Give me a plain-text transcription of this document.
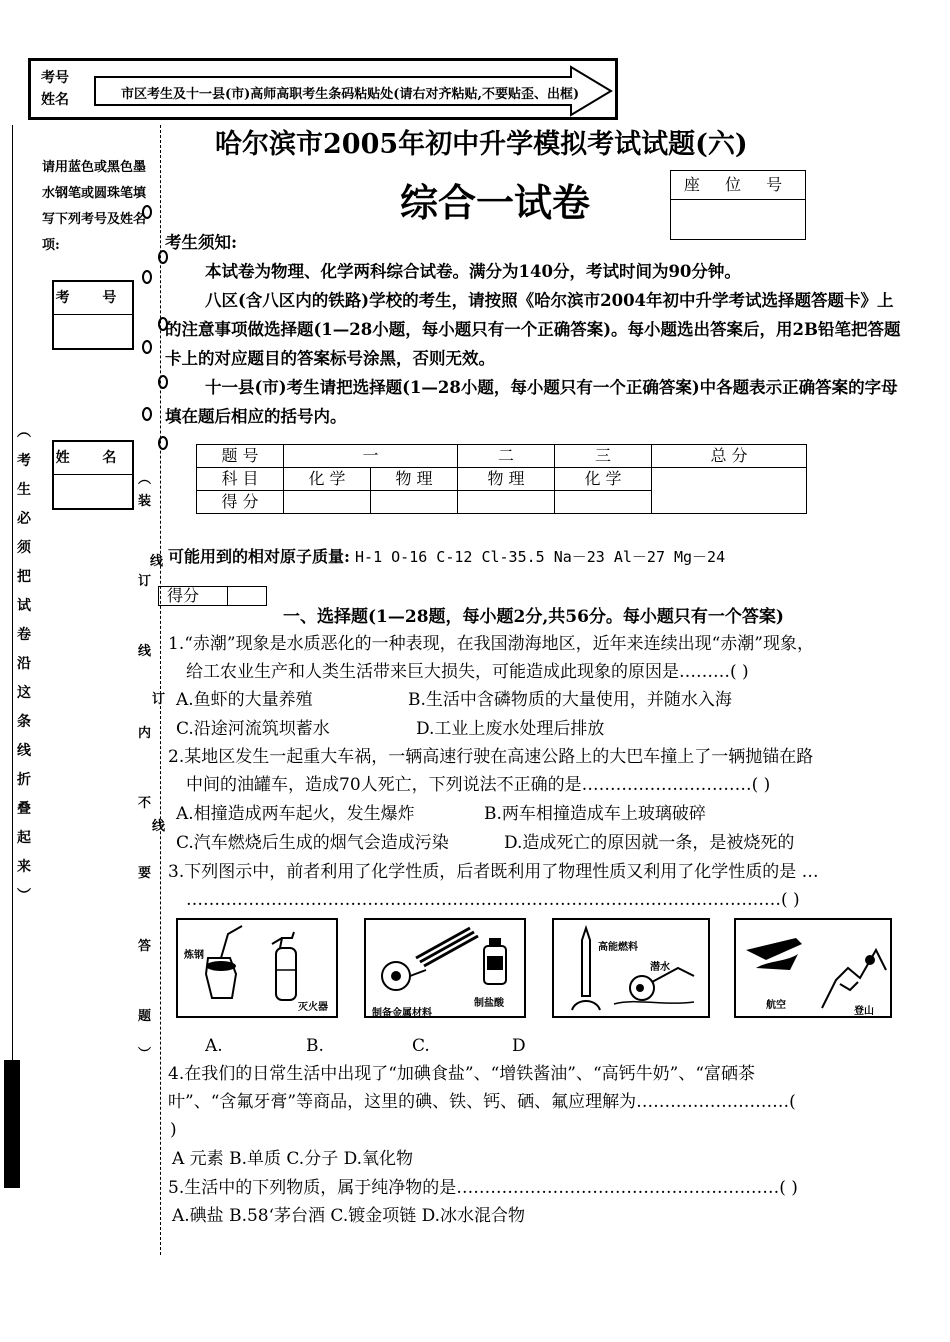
考号
姓名	市区考生及十一县(市)高师高职考生条码粘贴处(请右对齐粘贴,不要贴歪、出框)
请用蓝色或黑色墨水钢笔或圆珠笔填写下列考号及姓名项:
考 号
姓 名
︵
考
生
必
须
把
试
卷
沿
这
条
线
折
叠
起
来
︶
︵
装
订
线
线
订
内
不
线
要
答
题
︶
哈尔滨市2005年初中升学模拟考试试题(六)
综合一试卷	座 位 号

考生须知:

本试卷为物理、化学两科综合试卷。满分为140分，考试时间为90分钟。

八区(含八区内的铁路)学校的考生，请按照《哈尔滨市2004年初中升学考试选择题答题卡》上的注意事项做选择题(1—28小题，每小题只有一个正确答案)。每小题选出答案后，用2B铅笔把答题卡上的对应题目的答案标号涂黑，否则无效。

十一县(市)考生请把选择题(1—28小题，每小题只有一个正确答案)中各题表示正确答案的字母填在题后相应的括号内。

题 号	一		二	三	总 分
科 目	化 学	物 理	物 理	化 学	
得 分					
可能用到的相对原子质量: H-1 O-16 C-12 Cl-35.5 Na－23 Al－27 Mg－24
得分	
一、选择题(1—28题，每小题2分,共56分。每小题只有一个答案)
1.“赤潮”现象是水质恶化的一种表现，在我国渤海地区，近年来连续出现“赤潮”现象，
给工农业生产和人类生活带来巨大损失，可能造成此现象的原因是………( )
A.鱼虾的大量养殖	B.生活中含磷物质的大量使用，并随水入海
C.沿途河流筑坝蓄水	D.工业上废水处理后排放
2.某地区发生一起重大车祸，一辆高速行驶在高速公路上的大巴车撞上了一辆抛锚在路
中间的油罐车，造成70人死亡，下列说法不正确的是…………………………( )
A.相撞造成两车起火，发生爆炸	B.两车相撞造成车上玻璃破碎
C.汽车燃烧后生成的烟气会造成污染	D.造成死亡的原因就一条，是被烧死的
3.下列图示中，前者利用了化学性质，后者既利用了物理性质又利用了化学性质的是 …
……………………………………………………………………………………………( )
炼钢
灭火器
制备金属材料
制盐酸
高能燃料
潜水
航空
登山
A.	B.	C.	D
4.在我们的日常生活中出现了“加碘食盐”、“增铁酱油”、“高钙牛奶”、“富硒茶
叶”、“含氟牙膏”等商品，这里的碘、铁、钙、硒、氟应理解为………………………(
)
A 元素 B.单质 C.分子 D.氧化物
5.生活中的下列物质，属于纯净物的是…………………………………………………( )
A.碘盐 B.58‘茅台酒 C.镀金项链 D.冰水混合物
